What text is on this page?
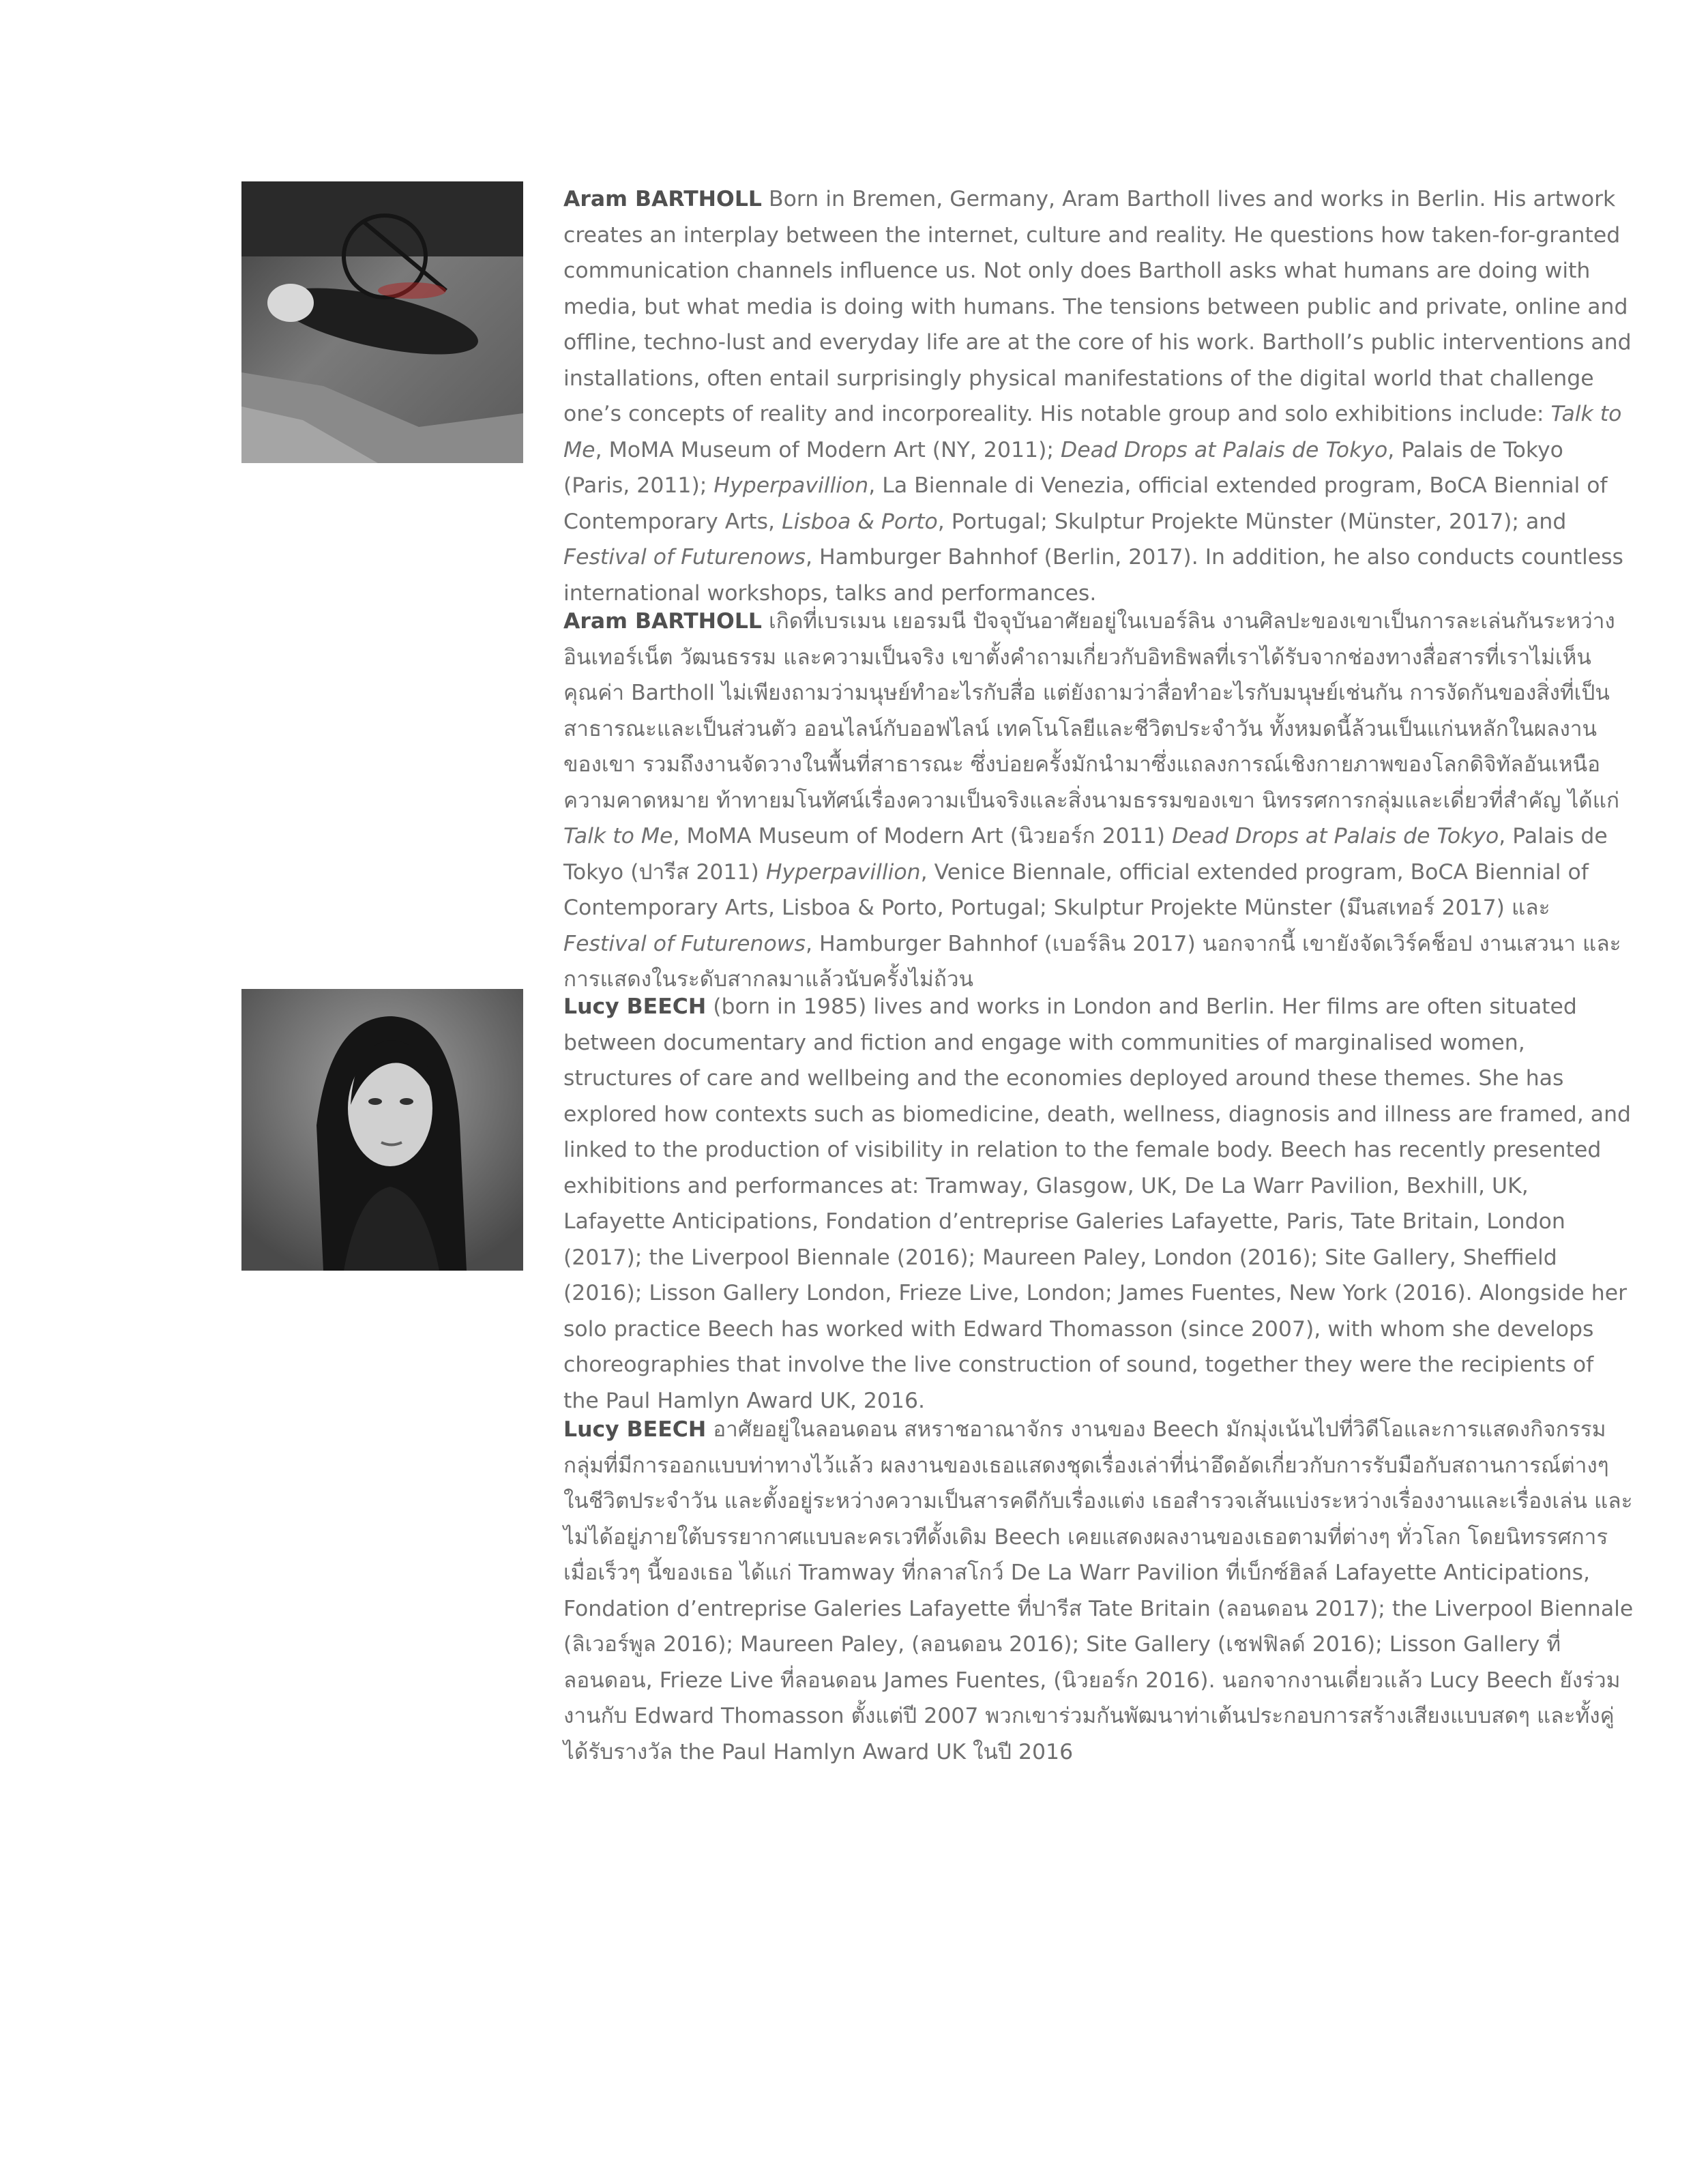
Aram BARTHOLL Born in Bremen, Germany, Aram Bartholl lives and works in Berlin. His artwork creates an interplay between the internet, culture and reality. He questions how taken-for-granted communication channels influence us. Not only does Bartholl asks what humans are doing with media, but what media is doing with humans. The tensions between public and private, online and offline, techno-lust and everyday life are at the core of his work. Bartholl’s public interventions and installations, often entail surprisingly physical manifestations of the digital world that challenge one’s concepts of reality and incorporeality. His notable group and solo exhibitions include: Talk to Me, MoMA Museum of Modern Art (NY, 2011); Dead Drops at Palais de Tokyo, Palais de Tokyo (Paris, 2011); Hyperpavillion, La Biennale di Venezia, official extended program, BoCA Biennial of Contemporary Arts, Lisboa & Porto, Portugal; Skulptur Projekte Münster (Münster, 2017); and Festival of Futurenows, Hamburger Bahnhof (Berlin, 2017). In addition, he also conducts countless international workshops, talks and performances.

Aram BARTHOLL เกิดที่เบรเมน เยอรมนี ปัจจุบันอาศัยอยู่ในเบอร์ลิน งานศิลปะของเขาเป็นการละเล่นกันระหว่างอินเทอร์เน็ต วัฒนธรรม และความเป็นจริง เขาตั้งคำถามเกี่ยวกับอิทธิพลที่เราได้รับจากช่องทางสื่อสารที่เราไม่เห็นคุณค่า Bartholl ไม่เพียงถามว่ามนุษย์ทำอะไรกับสื่อ แต่ยังถามว่าสื่อทำอะไรกับมนุษย์เช่นกัน การงัดกันของสิ่งที่เป็นสาธารณะและเป็นส่วนตัว ออนไลน์กับออฟไลน์ เทคโนโลยีและชีวิตประจำวัน ทั้งหมดนี้ล้วนเป็นแก่นหลักในผลงานของเขา รวมถึงงานจัดวางในพื้นที่สาธารณะ ซึ่งบ่อยครั้งมักนำมาซึ่งแถลงการณ์เชิงกายภาพของโลกดิจิทัลอันเหนือความคาดหมาย ท้าทายมโนทัศน์เรื่องความเป็นจริงและสิ่งนามธรรมของเขา นิทรรศการกลุ่มและเดี่ยวที่สำคัญ ได้แก่ Talk to Me, MoMA Museum of Modern Art (นิวยอร์ก 2011) Dead Drops at Palais de Tokyo, Palais de Tokyo (ปารีส 2011) Hyperpavillion, Venice Biennale, official extended program, BoCA Biennial of Contemporary Arts, Lisboa & Porto, Portugal; Skulptur Projekte Münster (มึนสเทอร์ 2017) และ Festival of Futurenows, Hamburger Bahnhof (เบอร์ลิน 2017) นอกจากนี้ เขายังจัดเวิร์คช็อป งานเสวนา และการแสดงในระดับสากลมาแล้วนับครั้งไม่ถ้วน

Lucy BEECH (born in 1985) lives and works in London and Berlin. Her films are often situated between documentary and fiction and engage with communities of marginalised women, structures of care and wellbeing and the economies deployed around these themes. She has explored how contexts such as biomedicine, death, wellness, diagnosis and illness are framed, and linked to the production of visibility in relation to the female body. Beech has recently presented exhibitions and performances at: Tramway, Glasgow, UK, De La Warr Pavilion, Bexhill, UK, Lafayette Anticipations, Fondation d’entreprise Galeries Lafayette, Paris, Tate Britain, London (2017); the Liverpool Biennale (2016); Maureen Paley, London (2016); Site Gallery, Sheffield (2016); Lisson Gallery London, Frieze Live, London; James Fuentes, New York (2016). Alongside her solo practice Beech has worked with Edward Thomasson (since 2007), with whom she develops choreographies that involve the live construction of sound, together they were the recipients of the Paul Hamlyn Award UK, 2016.

Lucy BEECH อาศัยอยู่ในลอนดอน สหราชอาณาจักร งานของ Beech มักมุ่งเน้นไปที่วิดีโอและการแสดงกิจกรรมกลุ่มที่มีการออกแบบท่าทางไว้แล้ว ผลงานของเธอแสดงชุดเรื่องเล่าที่น่าอึดอัดเกี่ยวกับการรับมือกับสถานการณ์ต่างๆ ในชีวิตประจำวัน และตั้งอยู่ระหว่างความเป็นสารคดีกับเรื่องแต่ง เธอสำรวจเส้นแบ่งระหว่างเรื่องงานและเรื่องเล่น และไม่ได้อยู่ภายใต้บรรยากาศแบบละครเวทีดั้งเดิม Beech เคยแสดงผลงานของเธอตามที่ต่างๆ ทั่วโลก โดยนิทรรศการเมื่อเร็วๆ นี้ของเธอ ได้แก่ Tramway ที่กลาสโกว์ De La Warr Pavilion ที่เบ็กซ์ฮิลล์ Lafayette Anticipations, Fondation d’entreprise Galeries Lafayette ที่ปารีส Tate Britain (ลอนดอน 2017); the Liverpool Biennale (ลิเวอร์พูล 2016); Maureen Paley, (ลอนดอน 2016); Site Gallery (เชฟฟิลด์ 2016); Lisson Gallery ที่ลอนดอน, Frieze Live ที่ลอนดอน James Fuentes, (นิวยอร์ก 2016). นอกจากงานเดี่ยวแล้ว Lucy Beech ยังร่วมงานกับ Edward Thomasson ตั้งแต่ปี 2007 พวกเขาร่วมกันพัฒนาท่าเต้นประกอบการสร้างเสียงแบบสดๆ และทั้งคู่ได้รับรางวัล the Paul Hamlyn Award UK ในปี 2016
